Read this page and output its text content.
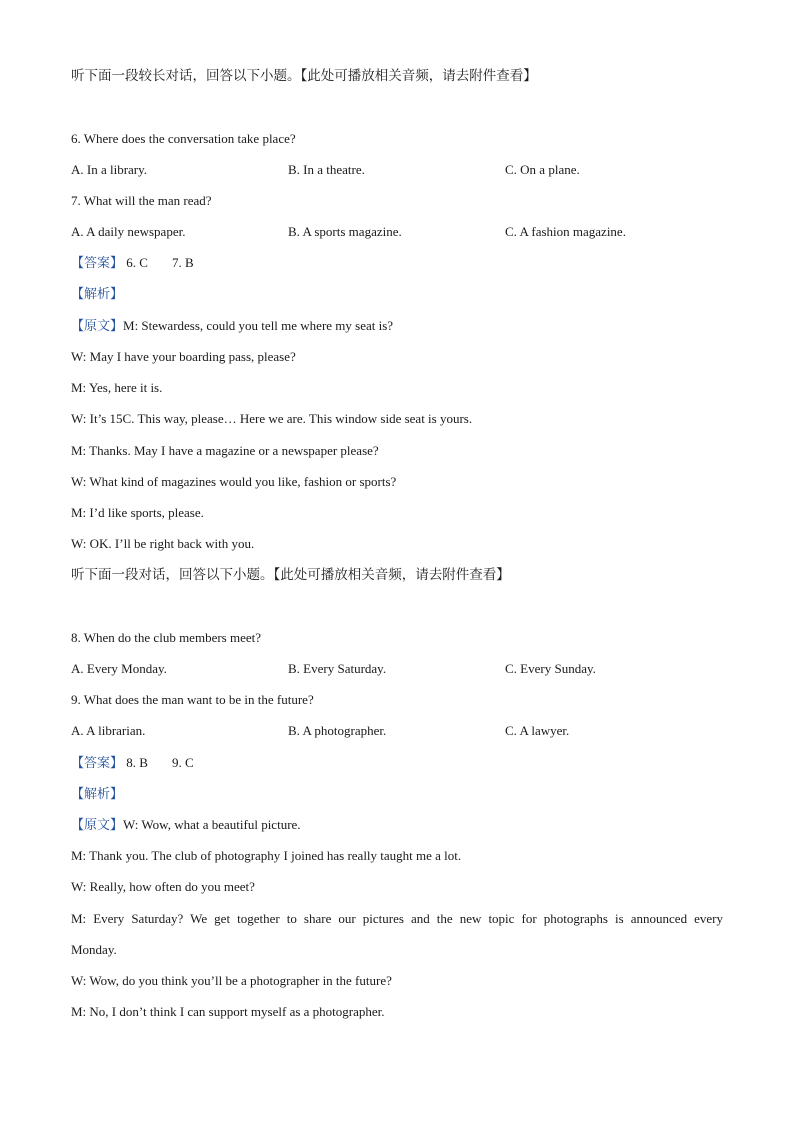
听下面一段较长对话，回答以下小题。【此处可播放相关音频，请去附件查看】
6. Where does the conversation take place?
A. In a library.	B. In a theatre.	C. On a plane.
7. What will the man read?
A. A daily newspaper.	B. A sports magazine.	C. A fashion magazine.
【答案】 6. C 7. B
【解析】
【原文】M: Stewardess, could you tell me where my seat is?
W: May I have your boarding pass, please?
M: Yes, here it is.
W: It’s 15C. This way, please… Here we are. This window side seat is yours.
M: Thanks. May I have a magazine or a newspaper please?
W: What kind of magazines would you like, fashion or sports?
M: I’d like sports, please.
W: OK. I’ll be right back with you.
听下面一段对话，回答以下小题。【此处可播放相关音频，请去附件查看】
8. When do the club members meet?
A. Every Monday.	B. Every Saturday.	C. Every Sunday.
9. What does the man want to be in the future?
A. A librarian.	B. A photographer.	C. A lawyer.
【答案】 8. B 9. C
【解析】
【原文】W: Wow, what a beautiful picture.
M: Thank you. The club of photography I joined has really taught me a lot.
W: Really, how often do you meet?
M: Every Saturday? We get together to share our pictures and the new topic for photographs is announced every
Monday.
W: Wow, do you think you’ll be a photographer in the future?
M: No, I don’t think I can support myself as a photographer.
